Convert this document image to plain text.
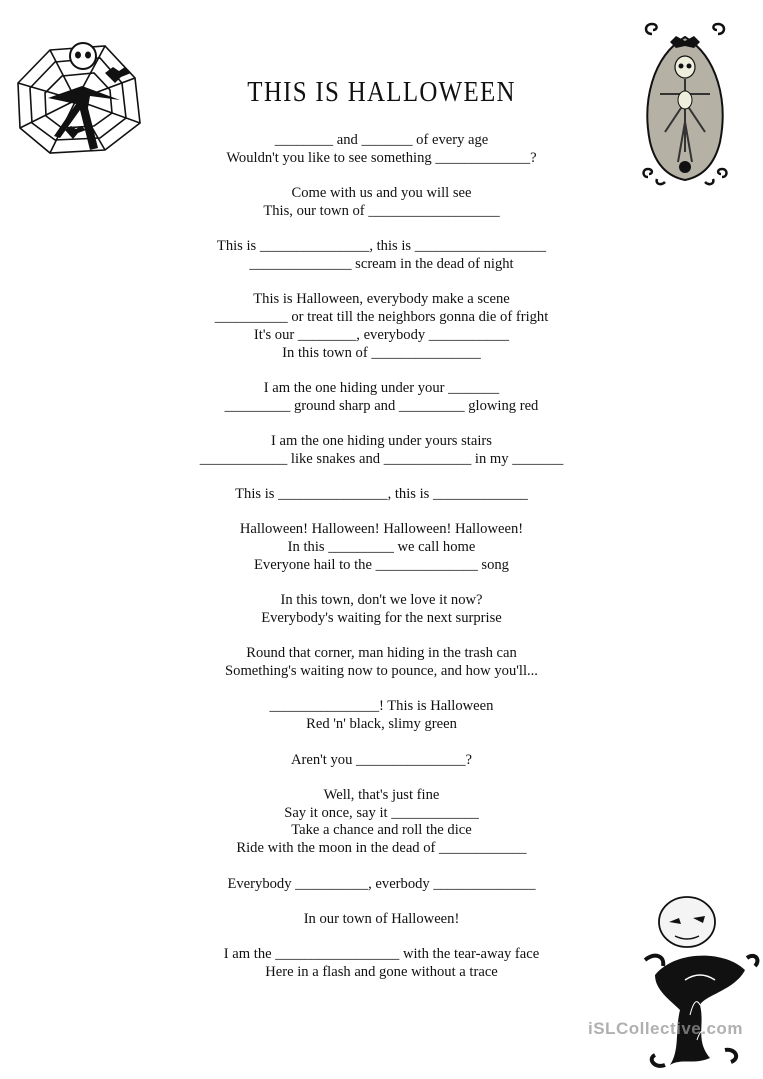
THIS IS HALLOWEEN
________ and _______ of every age
Wouldn't you like to see something _____________?
Come with us and you will see
This, our town of __________________
This is _______________, this is __________________
______________ scream in the dead of night
This is Halloween, everybody make a scene
__________ or treat till the neighbors gonna die of fright
It's our ________, everybody ___________
In this town of _______________
I am the one hiding under your _______
_________ ground sharp and _________ glowing red
I am the one hiding under yours stairs
____________ like snakes and ____________ in my _______
This is _______________, this is _____________
Halloween! Halloween! Halloween! Halloween!
In this _________ we call home
Everyone hail to the ______________ song
In this town, don't we love it now?
Everybody's waiting for the next surprise
Round that corner, man hiding in the trash can
Something's waiting now to pounce, and how you'll...
_______________! This is Halloween
Red 'n' black, slimy green
Aren't you _______________?
Well, that's just fine
Say it once, say it ____________
Take a chance and roll the dice
Ride with the moon in the dead of ____________
Everybody __________, everbody ______________
In our town of Halloween!
I am the _________________ with the tear-away face
Here in a flash and gone without a trace
iSLCollective.com
